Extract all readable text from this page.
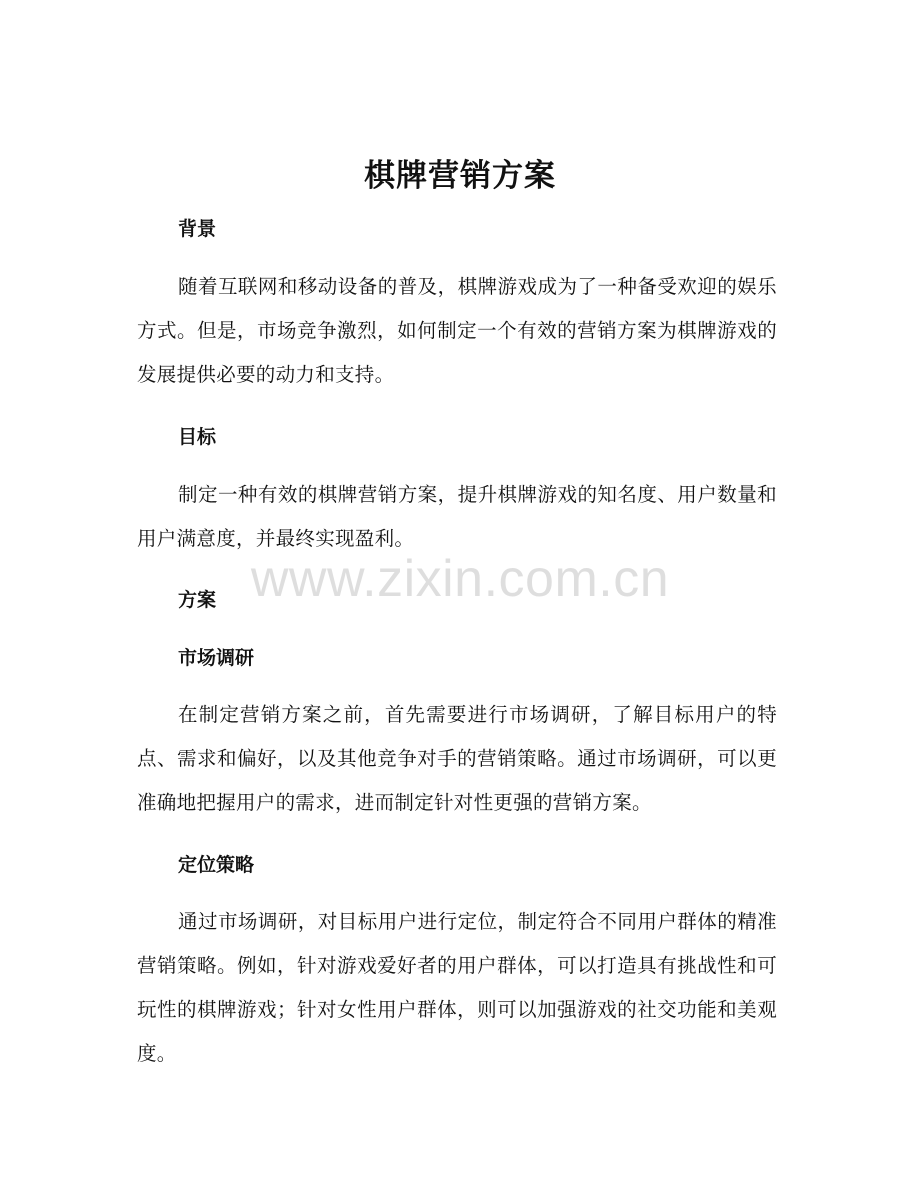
棋牌营销方案
背景
随着互联网和移动设备的普及，棋牌游戏成为了一种备受欢迎的娱乐方式。但是，市场竞争激烈，如何制定一个有效的营销方案为棋牌游戏的发展提供必要的动力和支持。
目标
制定一种有效的棋牌营销方案，提升棋牌游戏的知名度、用户数量和用户满意度，并最终实现盈利。
方案
市场调研
在制定营销方案之前，首先需要进行市场调研，了解目标用户的特点、需求和偏好，以及其他竞争对手的营销策略。通过市场调研，可以更准确地把握用户的需求，进而制定针对性更强的营销方案。
定位策略
通过市场调研，对目标用户进行定位，制定符合不同用户群体的精准营销策略。例如，针对游戏爱好者的用户群体，可以打造具有挑战性和可玩性的棋牌游戏；针对女性用户群体，则可以加强游戏的社交功能和美观度。
www.zixin.com.cn
